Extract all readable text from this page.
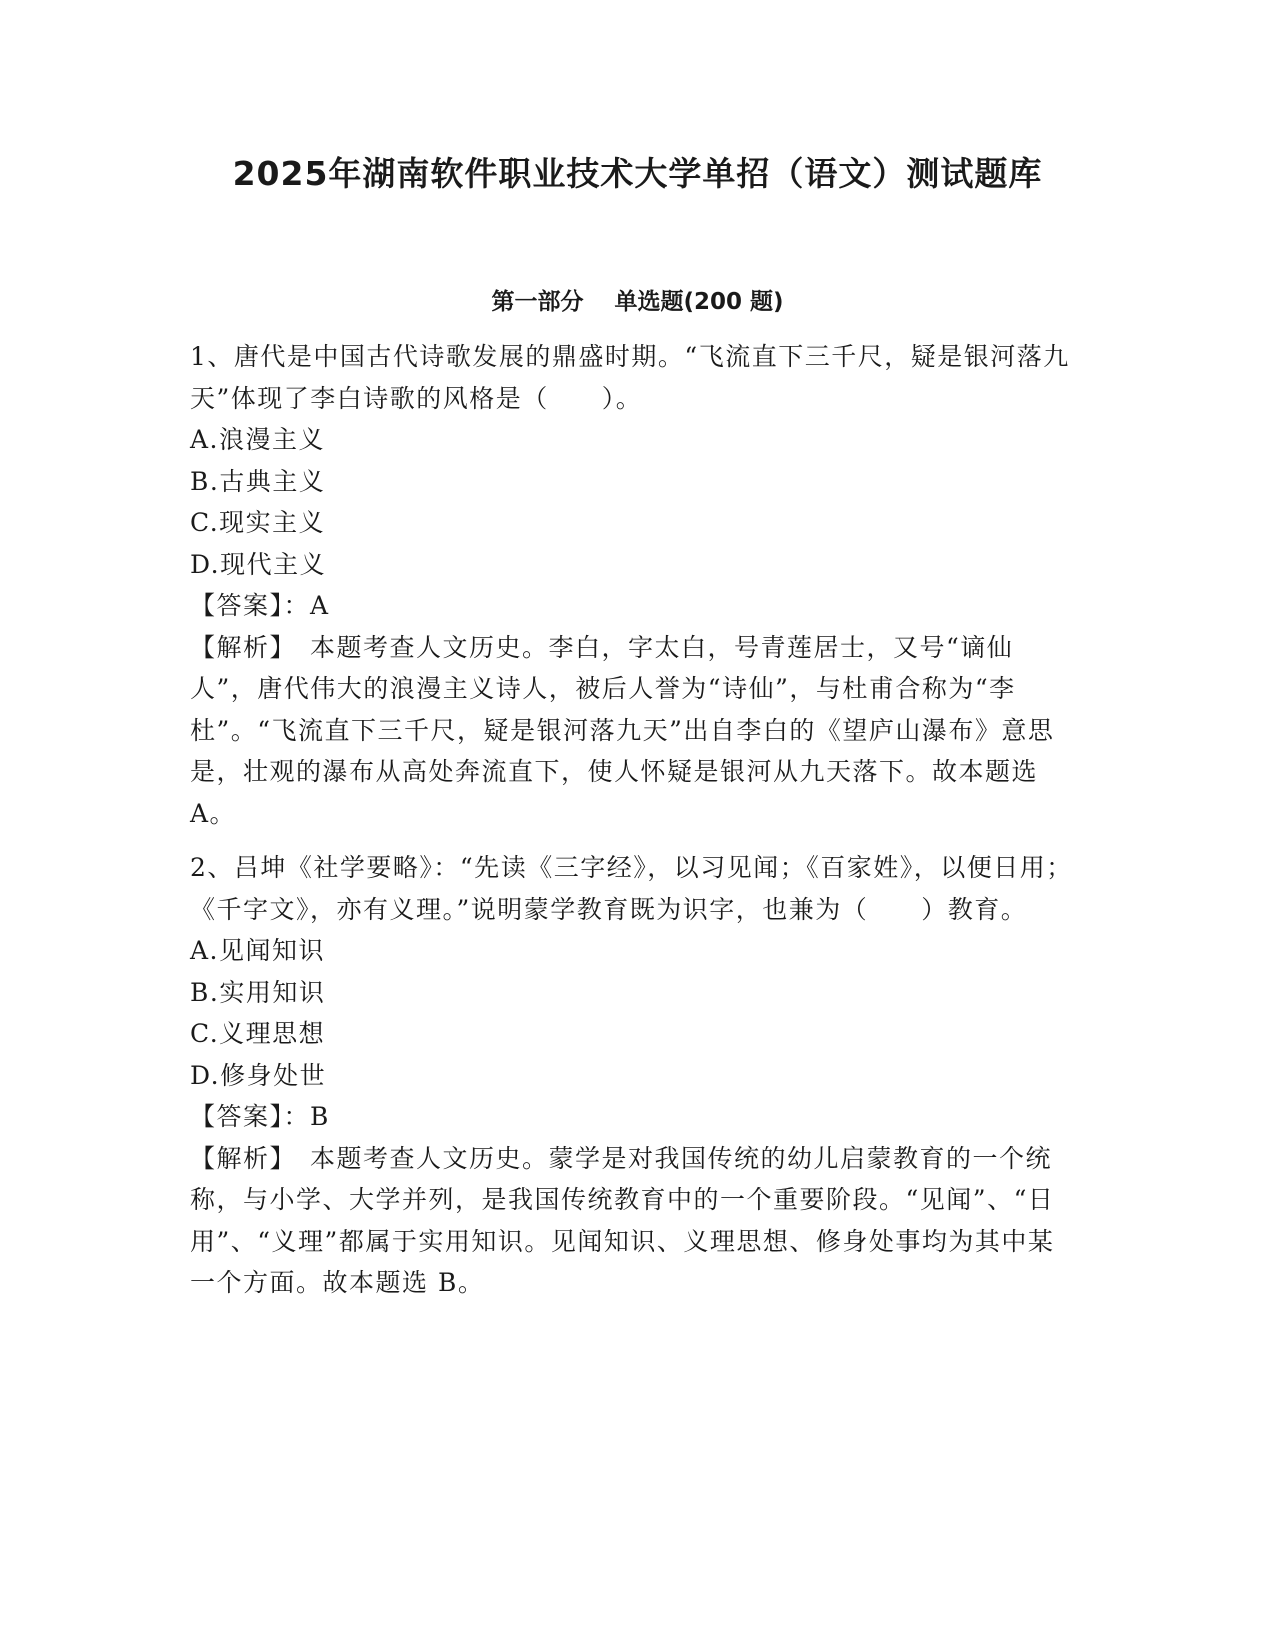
2025年湖南软件职业技术大学单招（语文）测试题库
第一部分　 单选题(200 题)

1、唐代是中国古代诗歌发展的鼎盛时期。“飞流直下三千尺，疑是银河落九天”体现了李白诗歌的风格是（　　）。

A.浪漫主义

B.古典主义

C.现实主义

D.现代主义

【答案】：A

【解析】　本题考查人文历史。李白，字太白，号青莲居士，又号“谪仙人”，唐代伟大的浪漫主义诗人，被后人誉为“诗仙”，与杜甫合称为“李杜”。“飞流直下三千尺，疑是银河落九天”出自李白的《望庐山瀑布》意思是，壮观的瀑布从高处奔流直下，使人怀疑是银河从九天落下。故本题选 A。

2、吕坤《社学要略》：“先读《三字经》，以习见闻；《百家姓》，以便日用；《千字文》，亦有义理。”说明蒙学教育既为识字，也兼为（　　）教育。

A.见闻知识

B.实用知识

C.义理思想

D.修身处世

【答案】：B

【解析】　本题考查人文历史。蒙学是对我国传统的幼儿启蒙教育的一个统称，与小学、大学并列，是我国传统教育中的一个重要阶段。“见闻”、“日用”、“义理”都属于实用知识。见闻知识、义理思想、修身处事均为其中某一个方面。故本题选 B。
